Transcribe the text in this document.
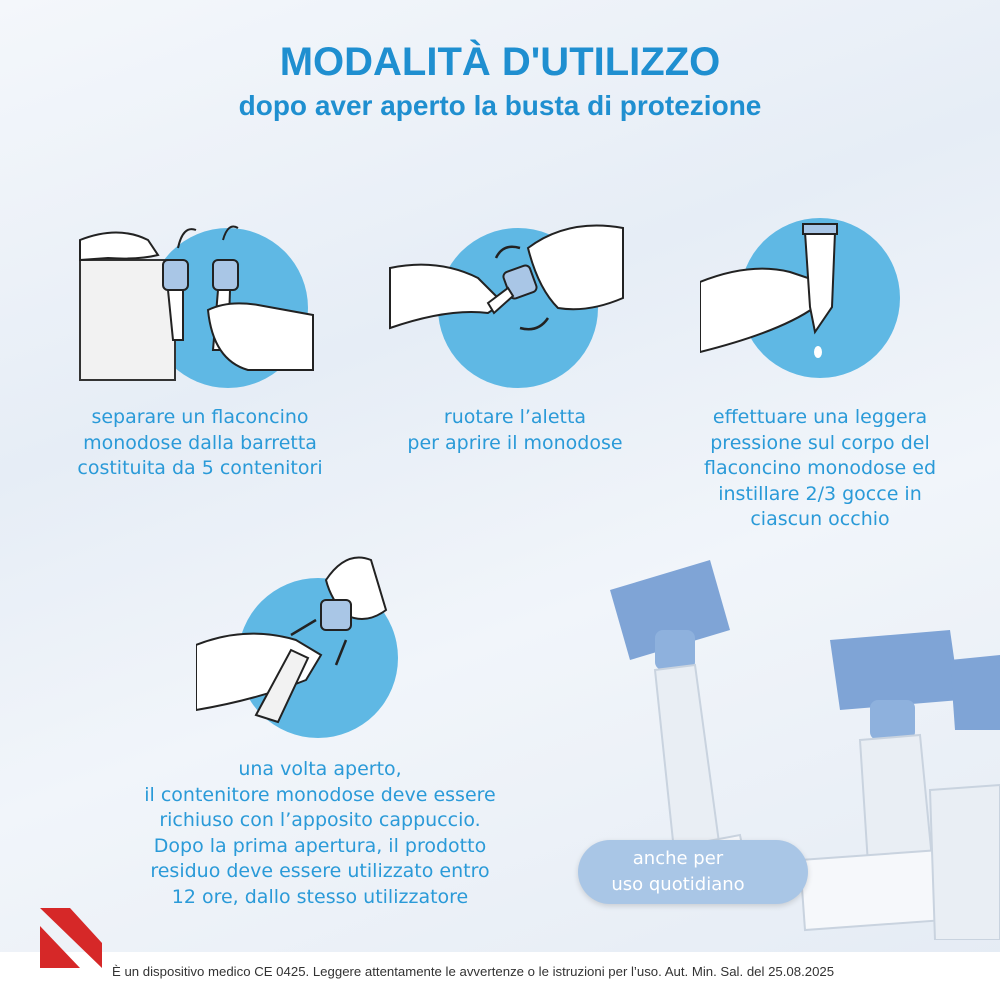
MODALITÀ D'UTILIZZO
dopo aver aperto la busta di protezione
separare un flaconcino
monodose dalla barretta
costituita da 5 contenitori
ruotare l’aletta
per aprire il monodose
effettuare una leggera
pressione sul corpo del
flaconcino monodose ed
instillare 2/3 gocce in
ciascun occhio
una volta aperto,
il contenitore monodose deve essere
richiuso con l’apposito cappuccio.
Dopo la prima apertura, il prodotto
residuo deve essere utilizzato entro
12 ore, dallo stesso utilizzatore
anche per
uso quotidiano
È un dispositivo medico CE 0425. Leggere attentamente le avvertenze o le istruzioni per l’uso. Aut. Min. Sal. del 25.08.2025
